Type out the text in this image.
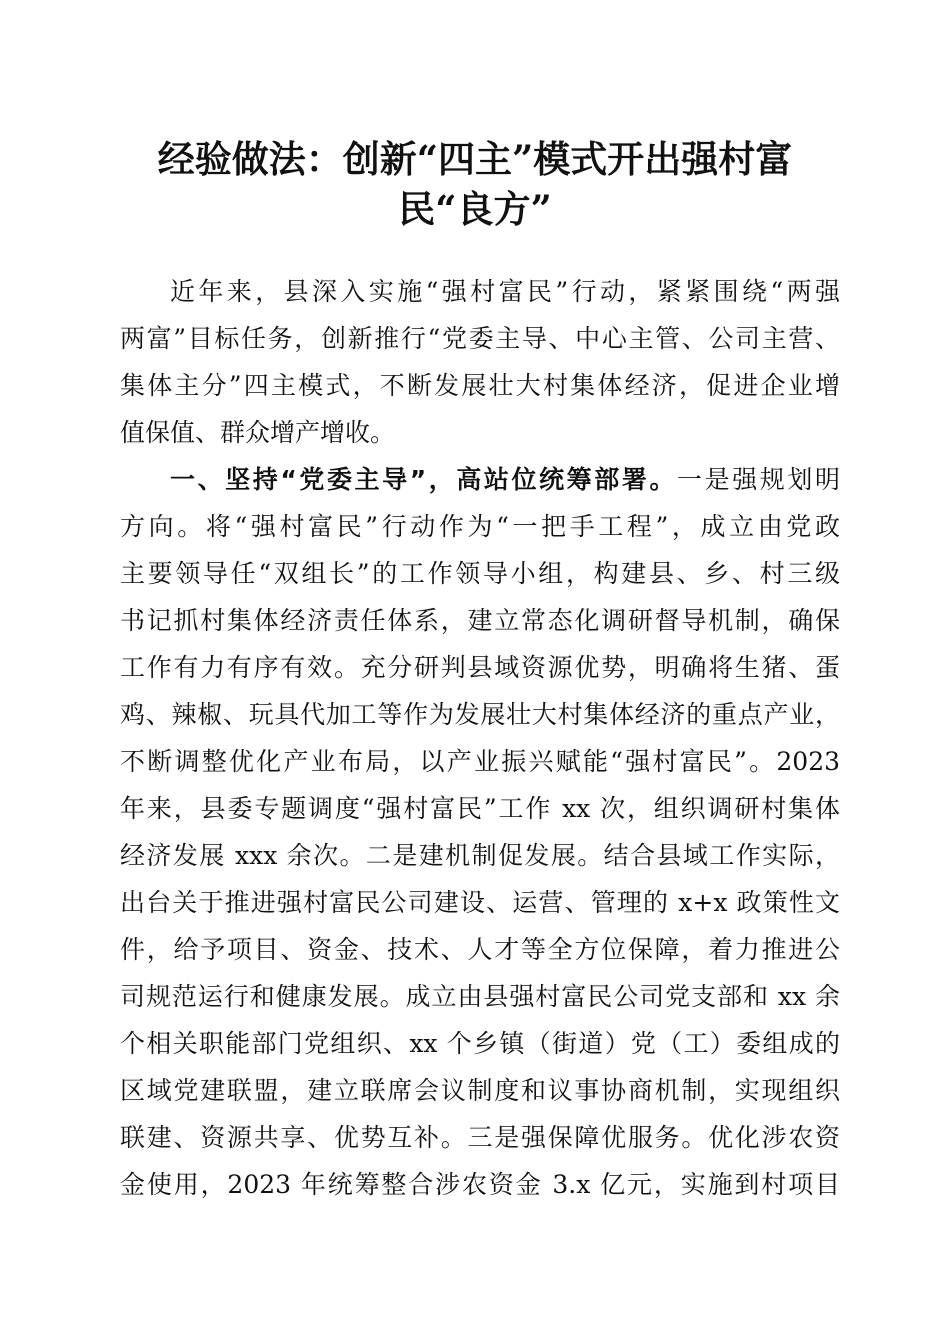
经验做法：创新“四主”模式开出强村富
民“良方”
近年来，县深入实施“强村富民”行动，紧紧围绕“两强
两富”目标任务，创新推行“党委主导、中心主管、公司主营、
集体主分”四主模式，不断发展壮大村集体经济，促进企业增
值保值、群众增产增收。
一、坚持“党委主导”，高站位统筹部署。一是强规划明
方向。将“强村富民”行动作为“一把手工程”，成立由党政
主要领导任“双组长”的工作领导小组，构建县、乡、村三级
书记抓村集体经济责任体系，建立常态化调研督导机制，确保
工作有力有序有效。充分研判县域资源优势，明确将生猪、蛋
鸡、辣椒、玩具代加工等作为发展壮大村集体经济的重点产业，
不断调整优化产业布局，以产业振兴赋能“强村富民”。2023
年来，县委专题调度“强村富民”工作 xx 次，组织调研村集体
经济发展 xxx 余次。二是建机制促发展。结合县域工作实际，
出台关于推进强村富民公司建设、运营、管理的 x+x 政策性文
件，给予项目、资金、技术、人才等全方位保障，着力推进公
司规范运行和健康发展。成立由县强村富民公司党支部和 xx 余
个相关职能部门党组织、xx 个乡镇（街道）党（工）委组成的
区域党建联盟，建立联席会议制度和议事协商机制，实现组织
联建、资源共享、优势互补。三是强保障优服务。优化涉农资
金使用，2023 年统筹整合涉农资金 3.x 亿元，实施到村项目
